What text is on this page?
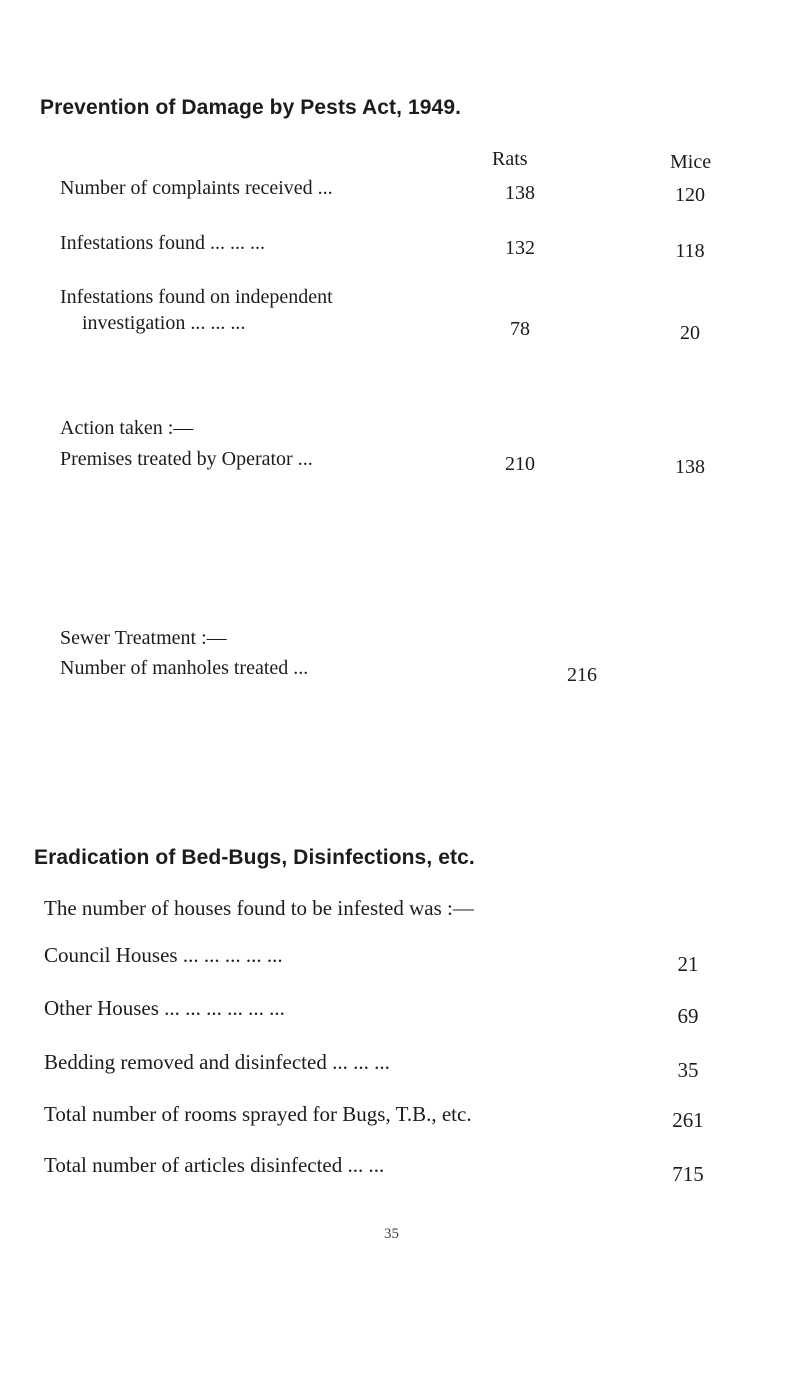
Prevention of Damage by Pests Act, 1949.
Rats	Mice
Number of complaints received ...	138	120
Infestations found ... ... ...	132	118
Infestations found on independent
investigation ... ... ...	78	20
Action taken :—
Premises treated by Operator ...	210	138
Sewer Treatment :—
Number of manholes treated ...	216
Eradication of Bed-Bugs, Disinfections, etc.
The number of houses found to be infested was :—
Council Houses ... ... ... ... ...	21
Other Houses ... ... ... ... ... ...	69
Bedding removed and disinfected ... ... ...	35
Total number of rooms sprayed for Bugs, T.B., etc.	261
Total number of articles disinfected ... ...	715
35
